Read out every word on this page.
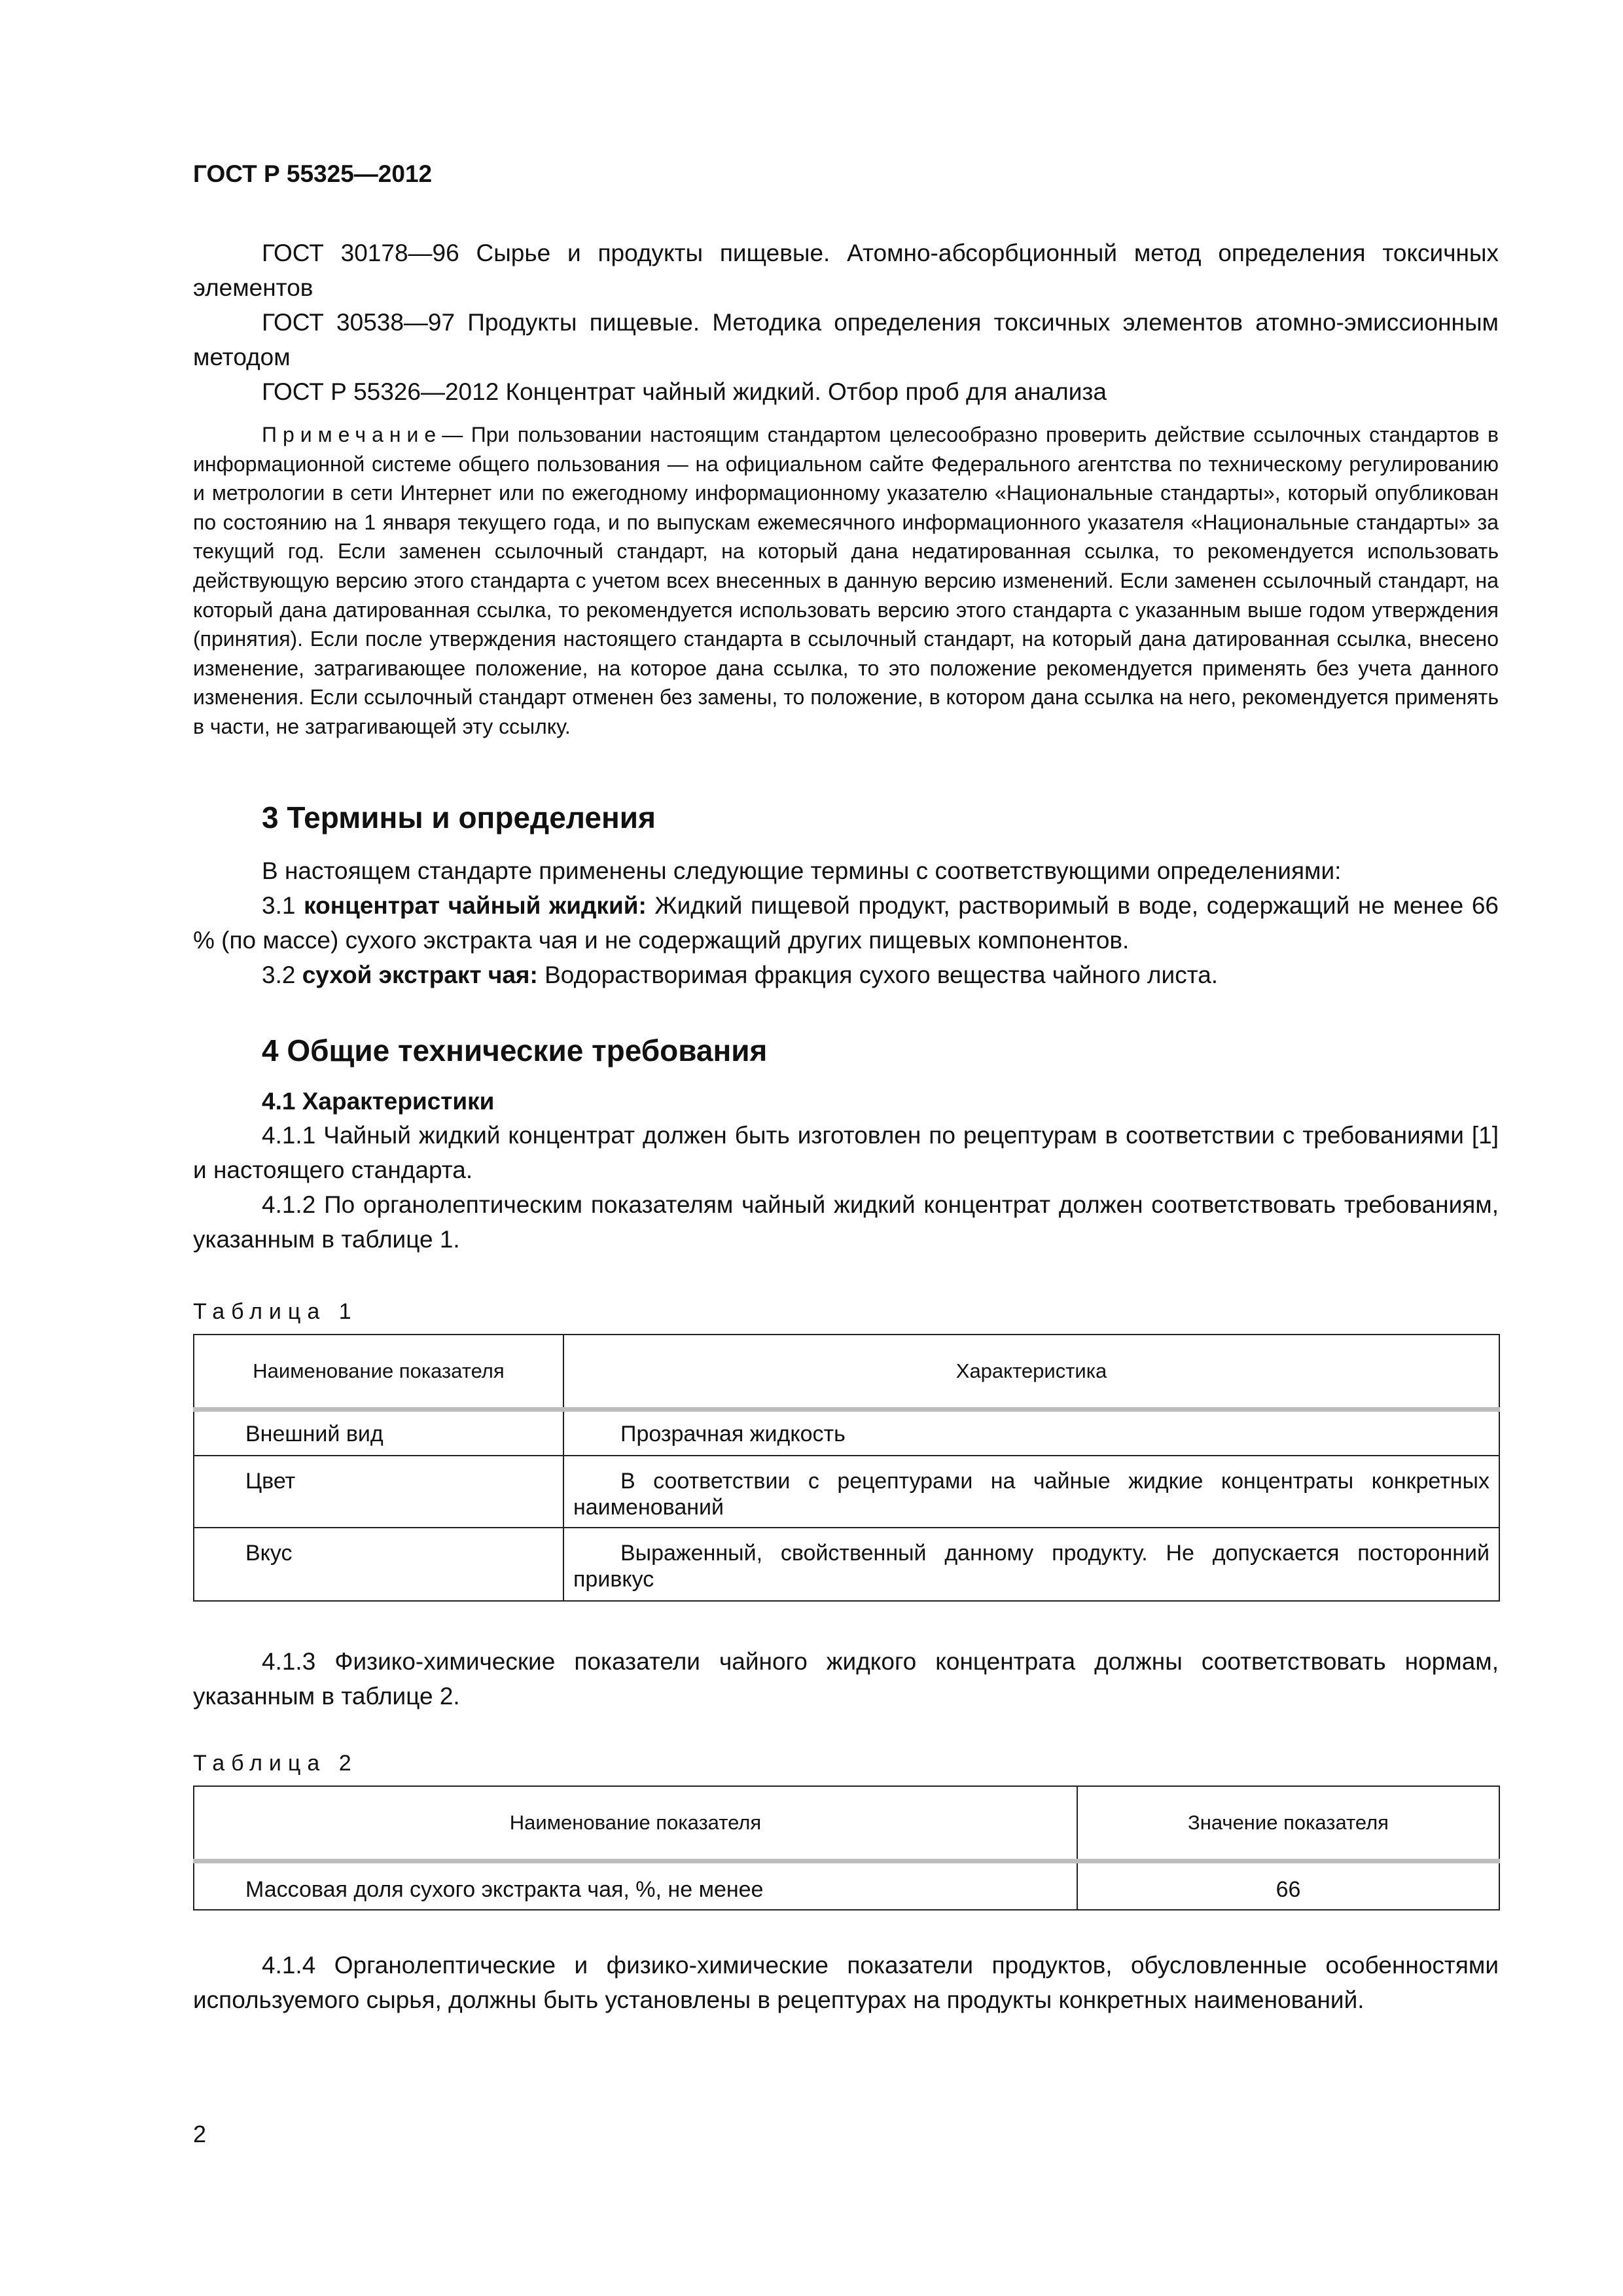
ГОСТ Р 55325—2012

ГОСТ 30178—96 Сырье и продукты пищевые. Атомно-абсорбционный метод определения токсичных элементов

ГОСТ 30538—97 Продукты пищевые. Методика определения токсичных элементов атомно-эмиссионным методом

ГОСТ Р 55326—2012 Концентрат чайный жидкий. Отбор проб для анализа

Примечание— При пользовании настоящим стандартом целесообразно проверить действие ссылочных стандартов в информационной системе общего пользования — на официальном сайте Федерального агентства по техническому регулированию и метрологии в сети Интернет или по ежегодному информационному указателю «Национальные стандарты», который опубликован по состоянию на 1 января текущего года, и по выпускам ежемесячного информационного указателя «Национальные стандарты» за текущий год. Если заменен ссылочный стандарт, на который дана недатированная ссылка, то рекомендуется использовать действующую версию этого стандарта с учетом всех внесенных в данную версию изменений. Если заменен ссылочный стандарт, на который дана датированная ссылка, то рекомендуется использовать версию этого стандарта с указанным выше годом утверждения (принятия). Если после утверждения настоящего стандарта в ссылочный стандарт, на который дана датированная ссылка, внесено изменение, затрагивающее положение, на которое дана ссылка, то это положение рекомендуется применять без учета данного изменения. Если ссылочный стандарт отменен без замены, то положение, в котором дана ссылка на него, рекомендуется применять в части, не затрагивающей эту ссылку.

3 Термины и определения

В настоящем стандарте применены следующие термины с соответствующими определениями:

3.1 концентрат чайный жидкий: Жидкий пищевой продукт, растворимый в воде, содержащий не менее 66 % (по массе) сухого экстракта чая и не содержащий других пищевых компонентов.

3.2 сухой экстракт чая: Водорастворимая фракция сухого вещества чайного листа.

4 Общие технические требования

4.1 Характеристики

4.1.1 Чайный жидкий концентрат должен быть изготовлен по рецептурам в соответствии с требованиями [1] и настоящего стандарта.

4.1.2 По органолептическим показателям чайный жидкий концентрат должен соответствовать требованиям, указанным в таблице 1.

Таблица 1
Наименование показателя	Характеристика
Внешний вид	Прозрачная жидкость
Цвет	В соответствии с рецептурами на чайные жидкие концентраты конкретных наименований
Вкус	Выраженный, свойственный данному продукту. Не допускается посторонний привкус

4.1.3 Физико-химические показатели чайного жидкого концентрата должны соответствовать нормам, указанным в таблице 2.

Таблица 2
Наименование показателя	Значение показателя
Массовая доля сухого экстракта чая, %, не менее	66

4.1.4 Органолептические и физико-химические показатели продуктов, обусловленные особенностями используемого сырья, должны быть установлены в рецептурах на продукты конкретных наименований.

2
